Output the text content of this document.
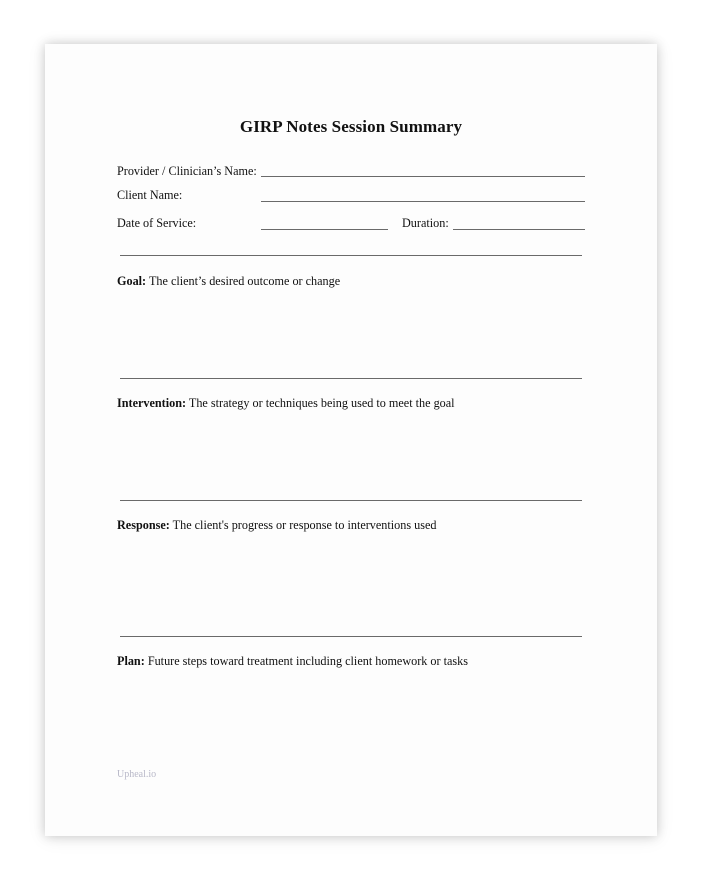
GIRP Notes Session Summary
Provider / Clinician’s Name:
Client Name:
Date of Service:	Duration:
Goal: The client’s desired outcome or change
Intervention: The strategy or techniques being used to meet the goal
Response: The client's progress or response to interventions used
Plan: Future steps toward treatment including client homework or tasks
Upheal.io
